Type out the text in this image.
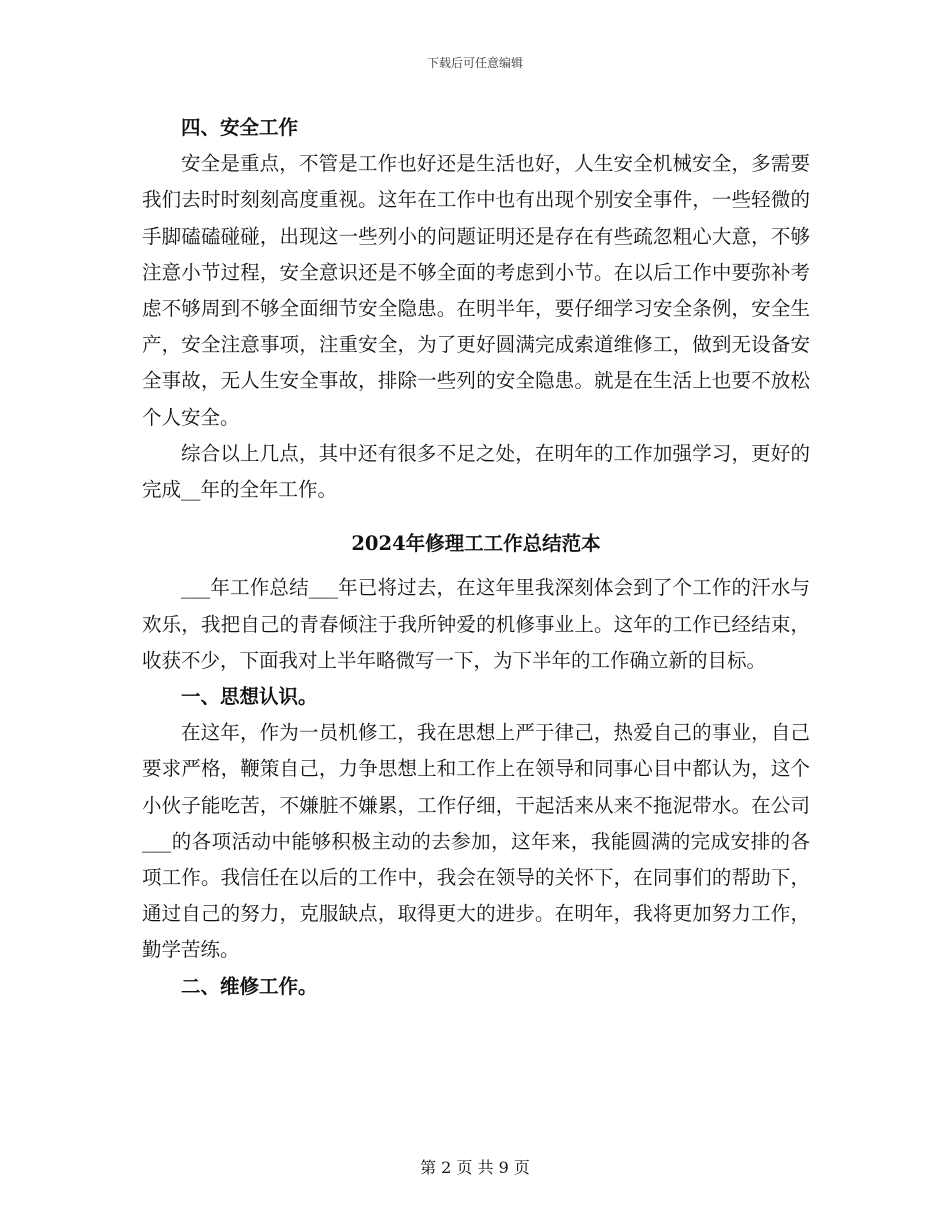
下载后可任意编辑

四、安全工作

安全是重点，不管是工作也好还是生活也好，人生安全机械安全，多需要我们去时时刻刻高度重视。这年在工作中也有出现个别安全事件，一些轻微的手脚磕磕碰碰，出现这一些列小的问题证明还是存在有些疏忽粗心大意，不够注意小节过程，安全意识还是不够全面的考虑到小节。在以后工作中要弥补考虑不够周到不够全面细节安全隐患。在明半年，要仔细学习安全条例，安全生产，安全注意事项，注重安全，为了更好圆满完成索道维修工，做到无设备安全事故，无人生安全事故，排除一些列的安全隐患。就是在生活上也要不放松个人安全。

综合以上几点，其中还有很多不足之处，在明年的工作加强学习，更好的完成__年的全年工作。

2024年修理工工作总结范本

___年工作总结___年已将过去，在这年里我深刻体会到了个工作的汗水与欢乐，我把自己的青春倾注于我所钟爱的机修事业上。这年的工作已经结束，收获不少，下面我对上半年略微写一下，为下半年的工作确立新的目标。

一、思想认识。

在这年，作为一员机修工，我在思想上严于律己，热爱自己的事业，自己要求严格，鞭策自己，力争思想上和工作上在领导和同事心目中都认为，这个小伙子能吃苦，不嫌脏不嫌累，工作仔细，干起活来从来不拖泥带水。在公司___的各项活动中能够积极主动的去参加，这年来，我能圆满的完成安排的各项工作。我信任在以后的工作中，我会在领导的关怀下，在同事们的帮助下，通过自己的努力，克服缺点，取得更大的进步。在明年，我将更加努力工作，勤学苦练。

二、维修工作。

第 2 页 共 9 页
